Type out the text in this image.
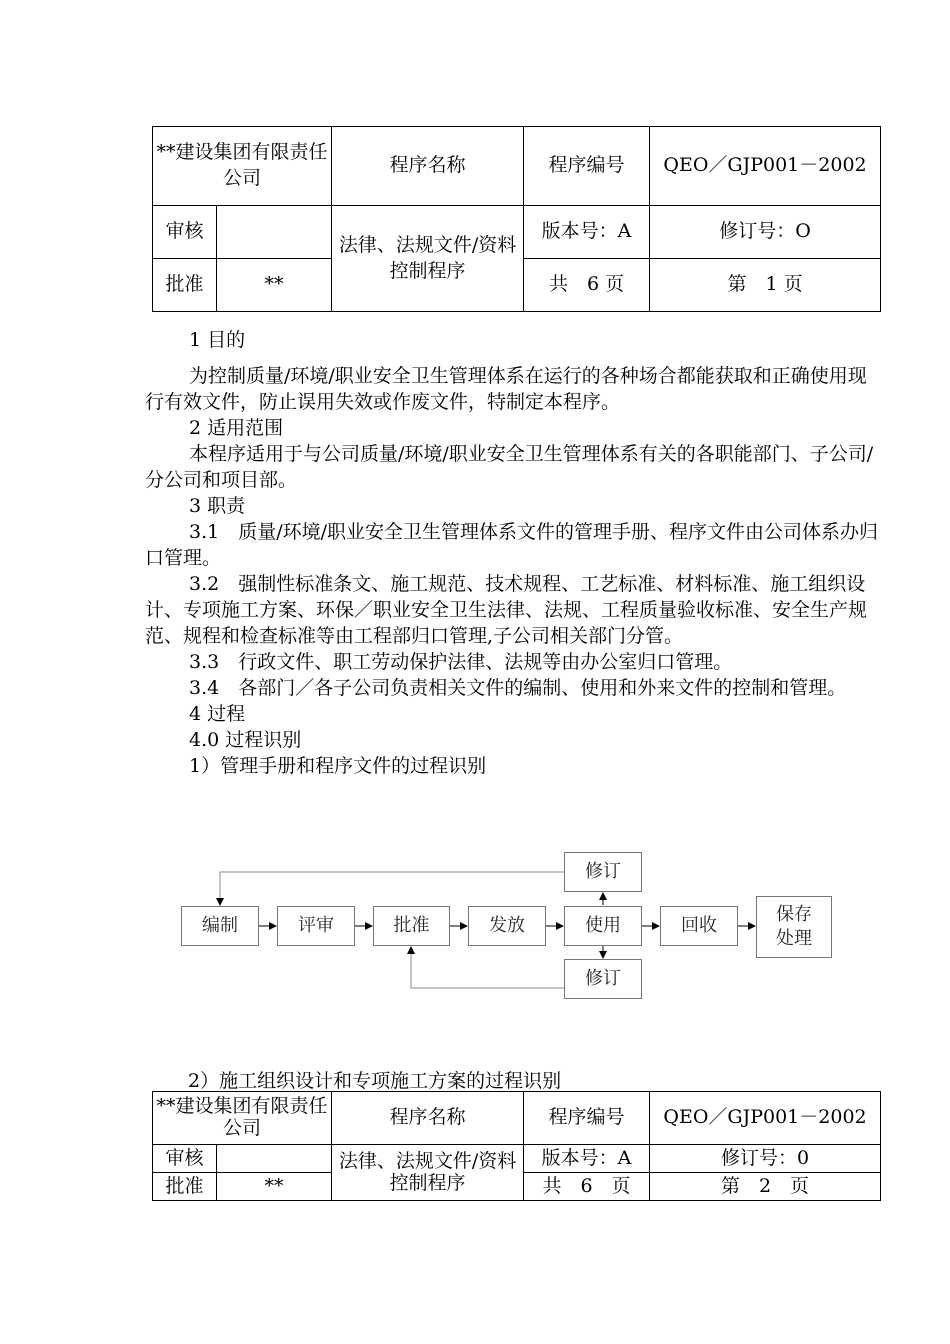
**建设集团有限责任公司		程序名称	程序编号	QEO／GJP001－2002
审核		法律、法规文件/资料控制程序	版本号：A	修订号：O
批准	**		共　6 页	第　1 页

1 目的

为控制质量/环境/职业安全卫生管理体系在运行的各种场合都能获取和正确使用现行有效文件，防止误用失效或作废文件，特制定本程序。

2 适用范围

本程序适用于与公司质量/环境/职业安全卫生管理体系有关的各职能部门、子公司/分公司和项目部。

3 职责

3.1　质量/环境/职业安全卫生管理体系文件的管理手册、程序文件由公司体系办归口管理。

3.2　强制性标准条文、施工规范、技术规程、工艺标准、材料标准、施工组织设计、专项施工方案、环保／职业安全卫生法律、法规、工程质量验收标准、安全生产规范、规程和检查标准等由工程部归口管理,子公司相关部门分管。

3.3　行政文件、职工劳动保护法律、法规等由办公室归口管理。

3.4　各部门／各子公司负责相关文件的编制、使用和外来文件的控制和管理。

4 过程

4.0 过程识别

1）管理手册和程序文件的过程识别

编制	评审	批准	发放	使用	回收
保存处理
修订
修订
2）施工组织设计和专项施工方案的过程识别
**建设集团有限责任公司		程序名称	程序编号	QEO／GJP001－2002
审核		法律、法规文件/资料控制程序	版本号：A	修订号：0
批准	**		共　6　页	第　2　页
